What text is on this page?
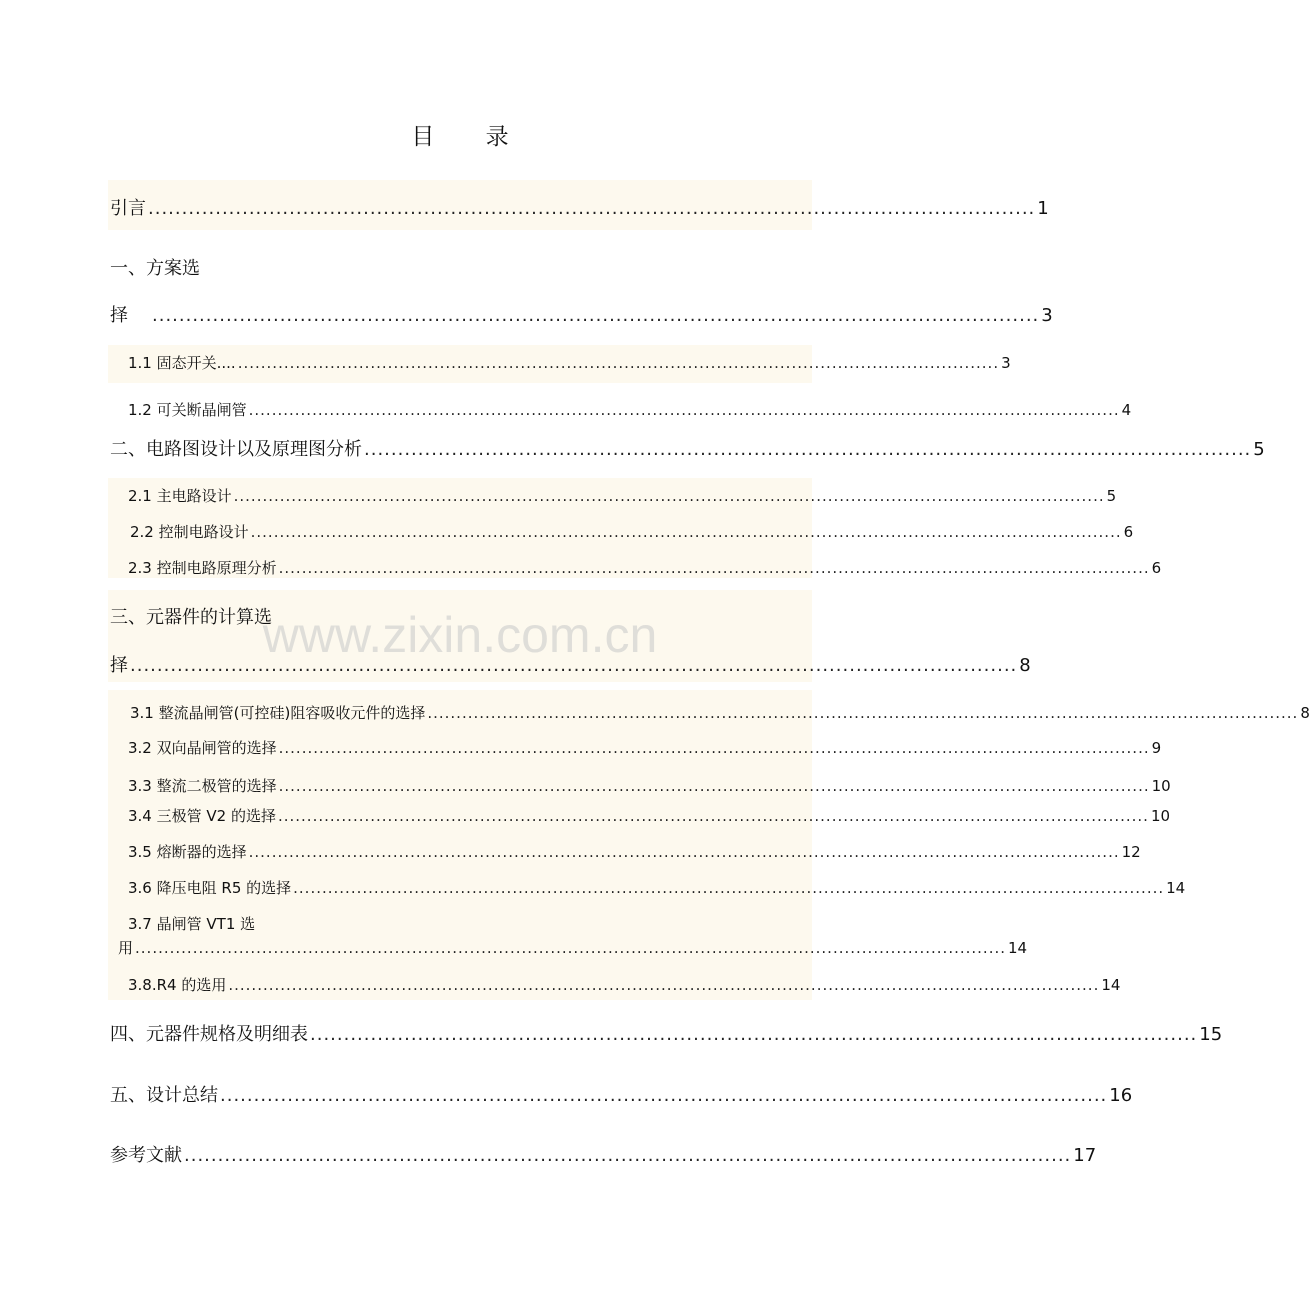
目 录
www.zixin.com.cn
引言 .................................................................................................................................... 1
一、方案选
择 .................................................................................................................................... 3
1.1 固态开关.... .................................................................................................................................... 3
1.2 可关断晶闸管 ....................................................................................................................................................... 4
二、电路图设计以及原理图分析 .................................................................................................................................... 5
2.1 主电路设计 ....................................................................................................................................................... 5
2.2 控制电路设计 ....................................................................................................................................................... 6
2.3 控制电路原理分析 ....................................................................................................................................................... 6
三、元器件的计算选
择 .................................................................................................................................... 8
3.1 整流晶闸管(可控硅)阻容吸收元件的选择 ....................................................................................................................................................... 8
3.2 双向晶闸管的选择 ....................................................................................................................................................... 9
3.3 整流二极管的选择 ....................................................................................................................................................... 10
3.4 三极管 V2 的选择 ....................................................................................................................................................... 10
3.5 熔断器的选择 ....................................................................................................................................................... 12
3.6 降压电阻 R5 的选择 ....................................................................................................................................................... 14
3.7 晶闸管 VT1 选
用 ....................................................................................................................................................... 14
3.8.R4 的选用 ....................................................................................................................................................... 14
四、元器件规格及明细表 .................................................................................................................................... 15
五、设计总结 .................................................................................................................................... 16
参考文献 .................................................................................................................................... 17
